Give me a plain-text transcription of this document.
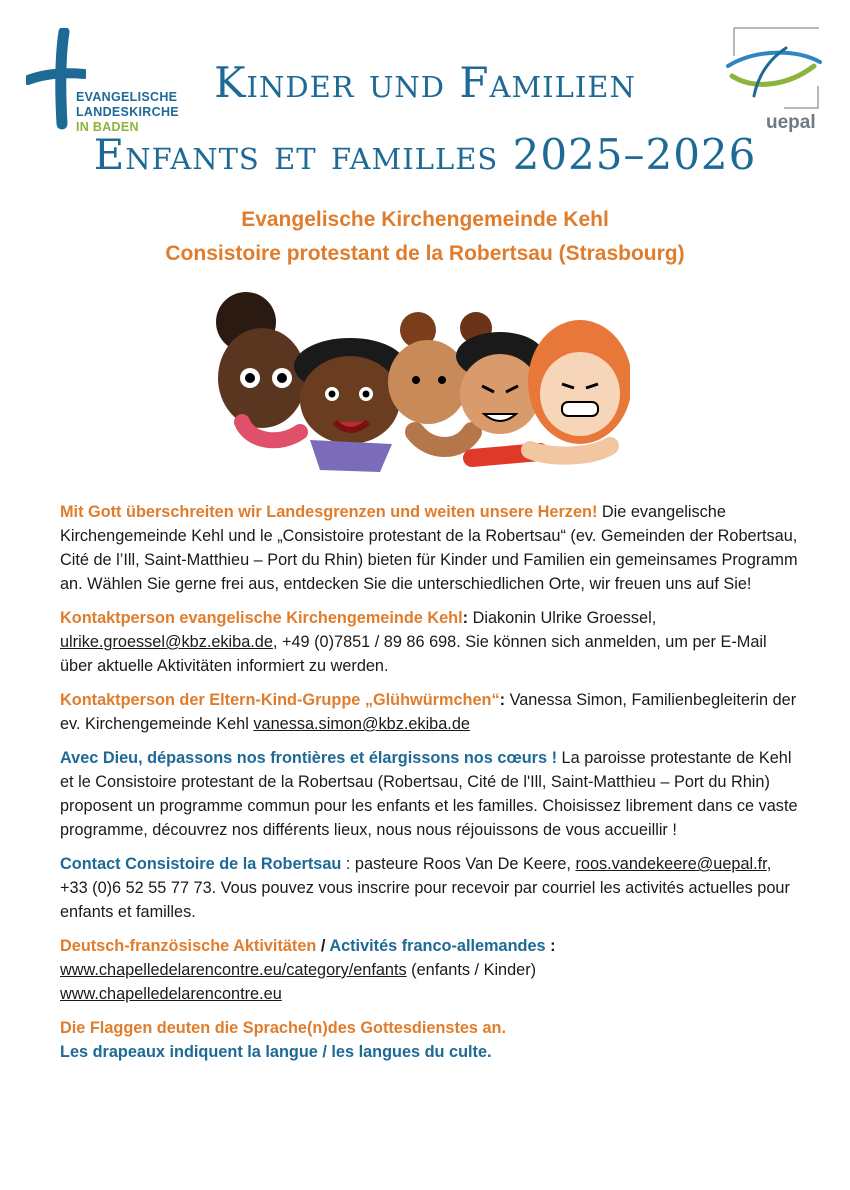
EVANGELISCHE
LANDESKIRCHE
IN BADEN	uepal
Kinder und Familien
Enfants et familles 2025–2026
Evangelische Kirchengemeinde Kehl
Consistoire protestant de la Robertsau (Strasbourg)

Mit Gott überschreiten wir Landesgrenzen und weiten unsere Herzen! Die evangelische Kirchengemeinde Kehl und le „Consistoire protestant de la Robertsau“ (ev. Gemeinden der Robertsau, Cité de l’Ill, Saint-Matthieu – Port du Rhin) bieten für Kinder und Familien ein gemeinsames Programm an. Wählen Sie gerne frei aus, entdecken Sie die unterschiedlichen Orte, wir freuen uns auf Sie!

Kontaktperson evangelische Kirchengemeinde Kehl: Diakonin Ulrike Groessel, ulrike.groessel@kbz.ekiba.de, +49 (0)7851 / 89 86 698. Sie können sich anmelden, um per E-Mail über aktuelle Aktivitäten informiert zu werden.

Kontaktperson der Eltern-Kind-Gruppe „Glühwürmchen“: Vanessa Simon, Familienbegleiterin der ev. Kirchengemeinde Kehl vanessa.simon@kbz.ekiba.de

Avec Dieu, dépassons nos frontières et élargissons nos cœurs ! La paroisse protestante de Kehl et le Consistoire protestant de la Robertsau (Robertsau, Cité de l'Ill, Saint-Matthieu – Port du Rhin) proposent un programme commun pour les enfants et les familles. Choisissez librement dans ce vaste programme, découvrez nos différents lieux, nous nous réjouissons de vous accueillir !

Contact Consistoire de la Robertsau : pasteure Roos Van De Keere, roos.vandekeere@uepal.fr, +33 (0)6 52 55 77 73. Vous pouvez vous inscrire pour recevoir par courriel les activités actuelles pour enfants et familles.

Deutsch-französische Aktivitäten / Activités franco-allemandes :
www.chapelledelarencontre.eu/category/enfants (enfants / Kinder)
www.chapelledelarencontre.eu

Die Flaggen deuten die Sprache(n)des Gottesdienstes an.
Les drapeaux indiquent la langue / les langues du culte.
